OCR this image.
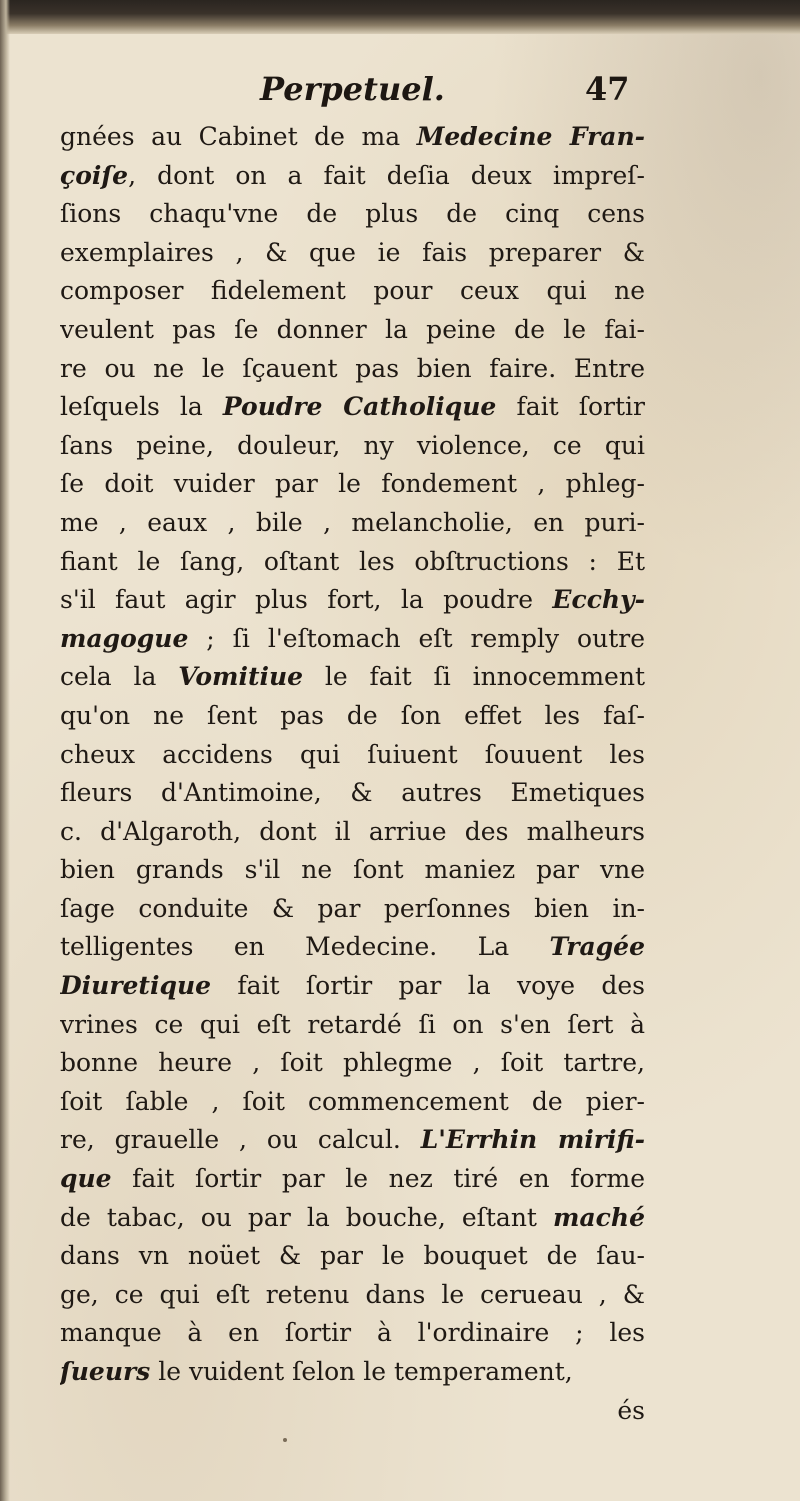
Perpetuel.	47
gnées au Cabinet de ma Medecine Fran-
çoiſe, dont on a fait deſia deux impreſ-
ſions chaqu'vne de plus de cinq cens
exemplaires , & que ie fais preparer &
composer fidelement pour ceux qui ne
veulent pas ſe donner la peine de le fai-
re ou ne le ſçauent pas bien faire. Entre
leſquels la Poudre Catholique fait ſortir
ſans peine, douleur, ny violence, ce qui
ſe doit vuider par le fondement , phleg-
me , eaux , bile , melancholie, en puri-
fiant le ſang, oſtant les obſtructions : Et
s'il faut agir plus fort, la poudre Ecchy-
magogue ; ſi l'eſtomach eſt remply outre
cela la Vomitiue le fait ſi innocemment
qu'on ne ſent pas de ſon effet les faſ-
cheux accidens qui ſuiuent ſouuent les
fleurs d'Antimoine, & autres Emetiques
c. d'Algaroth, dont il arriue des malheurs
bien grands s'il ne ſont maniez par vne
ſage conduite & par perſonnes bien in-
telligentes en Medecine. La Tragée
Diuretique fait ſortir par la voye des
vrines ce qui eſt retardé ſi on s'en ſert à
bonne heure , ſoit phlegme , ſoit tartre,
ſoit ſable , ſoit commencement de pier-
re, grauelle , ou calcul. L'Errhin mirifi-
que fait ſortir par le nez tiré en forme
de tabac, ou par la bouche, eſtant maché
dans vn noüet & par le bouquet de ſau-
ge, ce qui eſt retenu dans le cerueau , &
manque à en ſortir à l'ordinaire ; les
ſueurs le vuident ſelon le temperament,
és
